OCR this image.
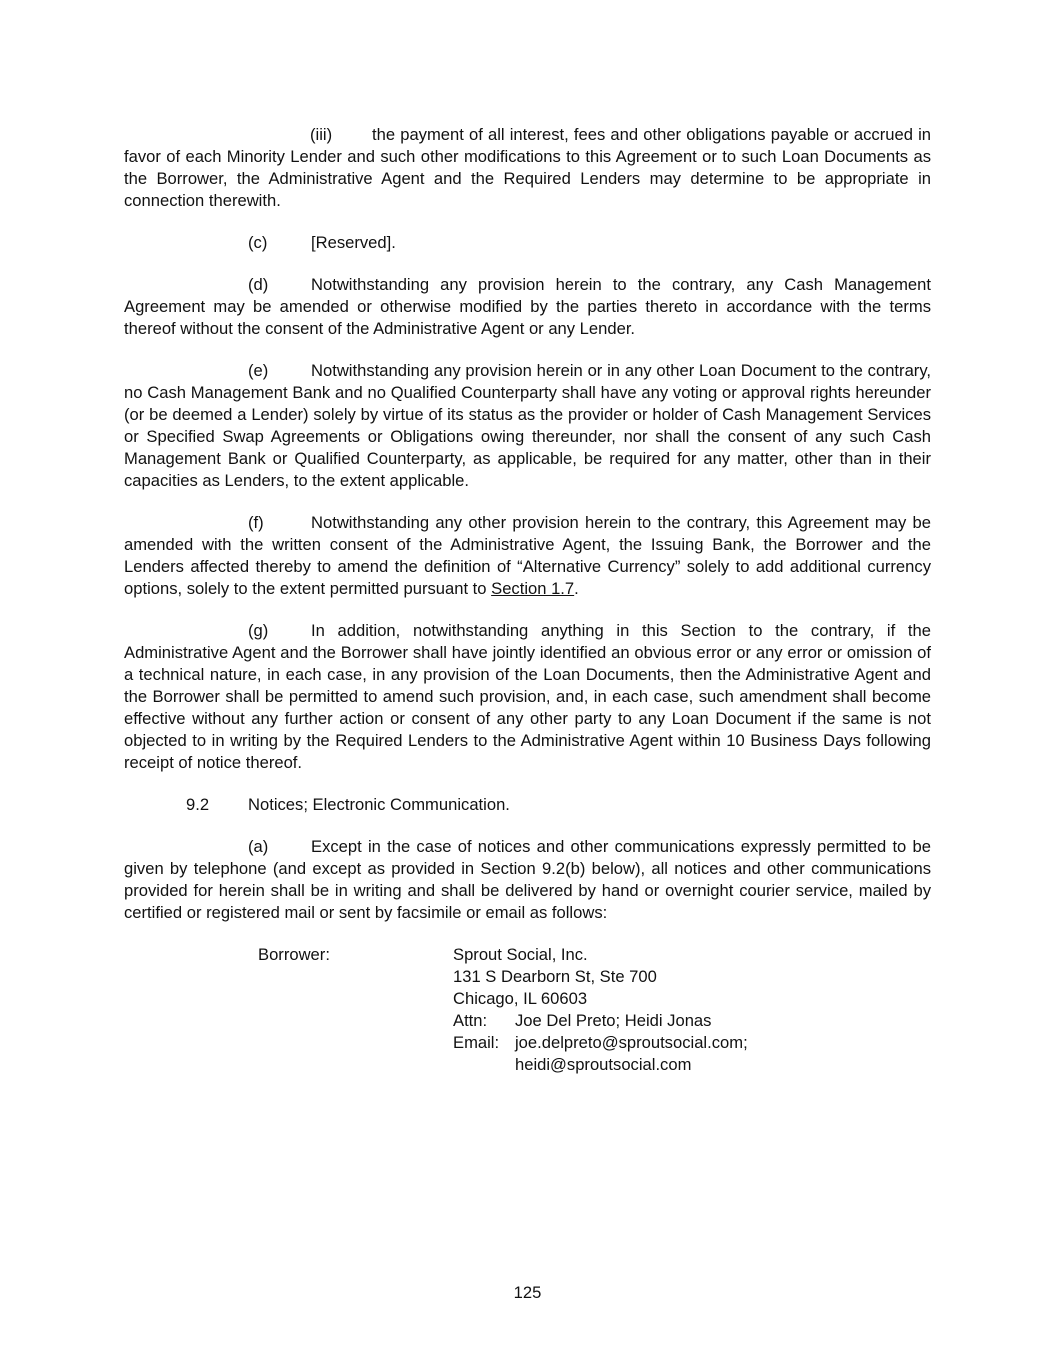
(iii) the payment of all interest, fees and other obligations payable or accrued in favor of each Minority Lender and such other modifications to this Agreement or to such Loan Documents as the Borrower, the Administrative Agent and the Required Lenders may determine to be appropriate in connection therewith.

(c)	[Reserved].

(d)	Notwithstanding any provision herein to the contrary, any Cash Management Agreement may be amended or otherwise modified by the parties thereto in accordance with the terms thereof without the consent of the Administrative Agent or any Lender.

(e)	Notwithstanding any provision herein or in any other Loan Document to the contrary, no Cash Management Bank and no Qualified Counterparty shall have any voting or approval rights hereunder (or be deemed a Lender) solely by virtue of its status as the provider or holder of Cash Management Services or Specified Swap Agreements or Obligations owing thereunder, nor shall the consent of any such Cash Management Bank or Qualified Counterparty, as applicable, be required for any matter, other than in their capacities as Lenders, to the extent applicable.

(f)	Notwithstanding any other provision herein to the contrary, this Agreement may be amended with the written consent of the Administrative Agent, the Issuing Bank, the Borrower and the Lenders affected thereby to amend the definition of “Alternative Currency” solely to add additional currency options, solely to the extent permitted pursuant to Section 1.7.

(g)	In addition, notwithstanding anything in this Section to the contrary, if the Administrative Agent and the Borrower shall have jointly identified an obvious error or any error or omission of a technical nature, in each case, in any provision of the Loan Documents, then the Administrative Agent and the Borrower shall be permitted to amend such provision, and, in each case, such amendment shall become effective without any further action or consent of any other party to any Loan Document if the same is not objected to in writing by the Required Lenders to the Administrative Agent within 10 Business Days following receipt of notice thereof.

9.2 Notices; Electronic Communication.

(a)	Except in the case of notices and other communications expressly permitted to be given by telephone (and except as provided in Section 9.2(b) below), all notices and other communications provided for herein shall be in writing and shall be delivered by hand or overnight courier service, mailed by certified or registered mail or sent by facsimile or email as follows:

Borrower:	Sprout Social, Inc.
131 S Dearborn St, Ste 700
Chicago, IL 60603
Attn:	Joe Del Preto; Heidi Jonas
Email: joe.delpreto@sproutsocial.com;
heidi@sproutsocial.com
125
